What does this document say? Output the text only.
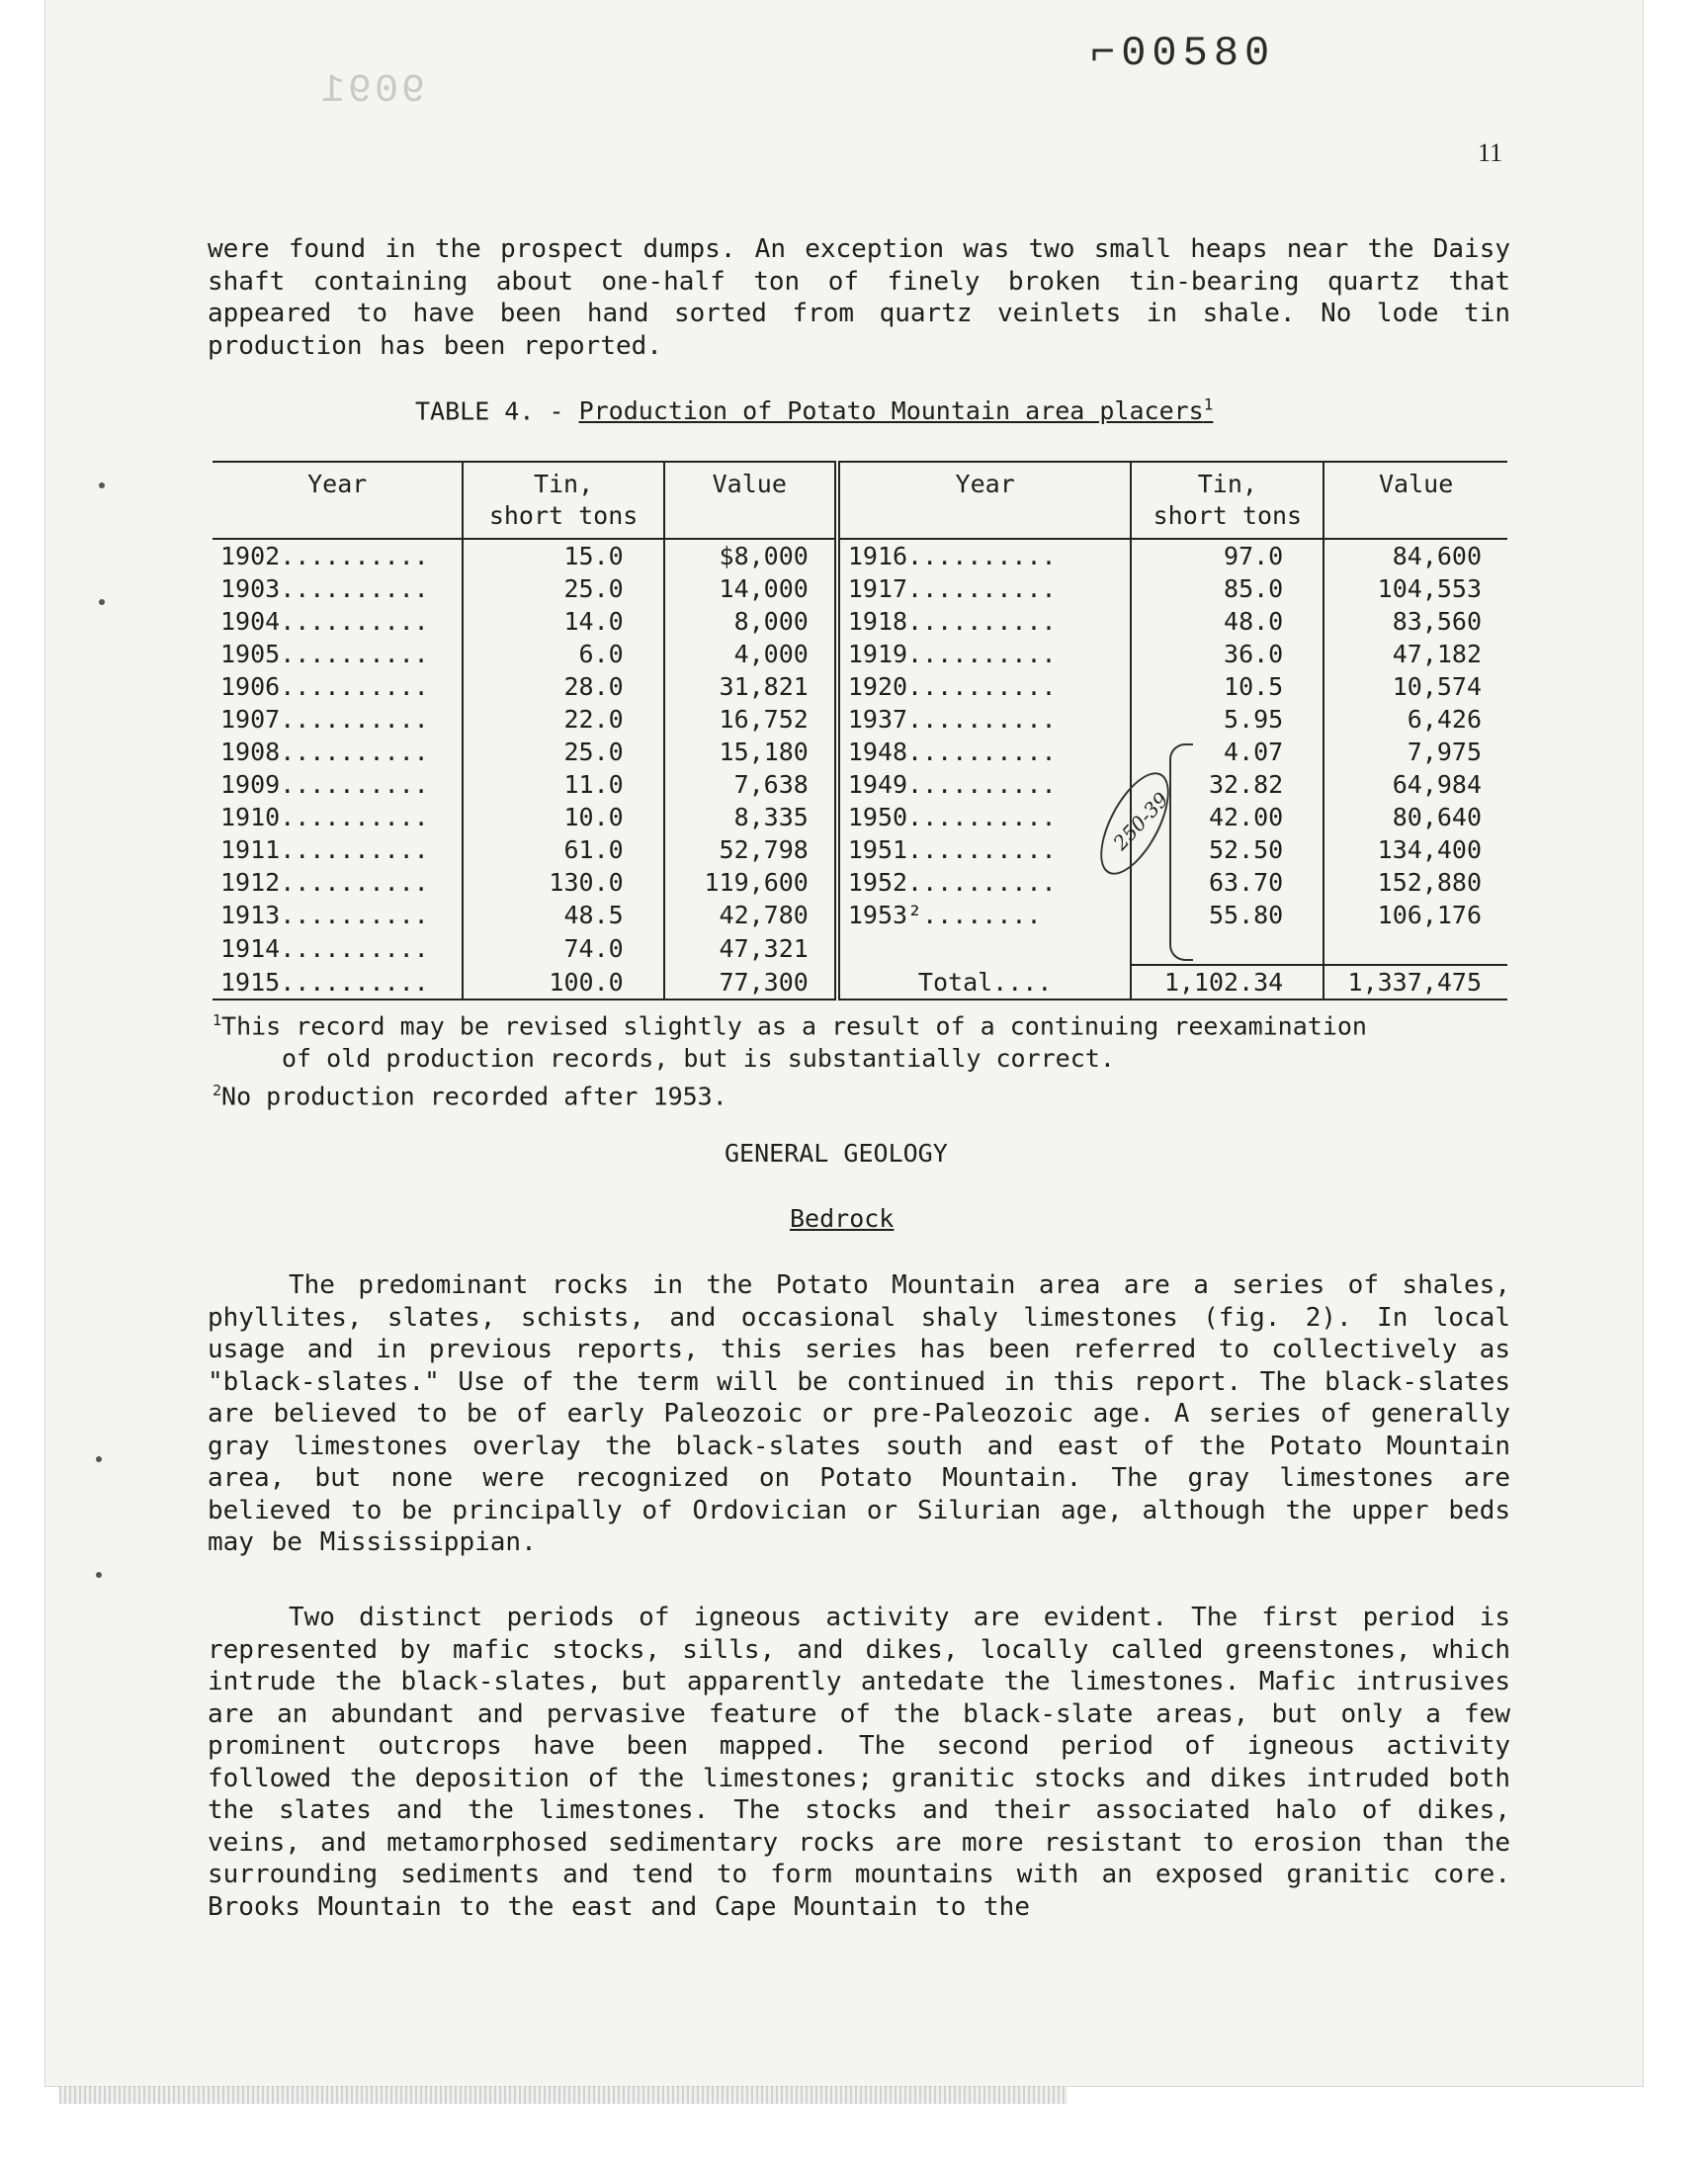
⌐00580
9091
11

were found in the prospect dumps. An exception was two small heaps near the Daisy shaft containing about one-half ton of finely broken tin-bearing quartz that appeared to have been hand sorted from quartz veinlets in shale. No lode tin production has been reported.

TABLE 4. - Production of Potato Mountain area placers$^1$
Year	Tin,
short tons	Value	Year	Tin,
short tons	Value
1902..........	15.0	$8,000	1916..........	97.0	84,600
1903..........	25.0	14,000	1917..........	85.0	104,553
1904..........	14.0	8,000	1918..........	48.0	83,560
1905..........	6.0	4,000	1919..........	36.0	47,182
1906..........	28.0	31,821	1920..........	10.5	10,574
1907..........	22.0	16,752	1937..........	5.95	6,426
1908..........	25.0	15,180	1948..........	4.07	7,975
1909..........	11.0	7,638	1949..........	32.82	64,984
1910..........	10.0	8,335	1950..........	42.00	80,640
1911..........	61.0	52,798	1951..........	52.50	134,400
1912..........	130.0	119,600	1952..........	63.70	152,880
1913..........	48.5	42,780	1953²........	55.80	106,176
1914..........	74.0	47,321			
1915..........	100.0	77,300	Total....	1,102.34	1,337,475
250-39

$^1$This record may be revised slightly as a result of a continuing reexamination

of old production records, but is substantially correct.

$^2$No production recorded after 1953.

GENERAL GEOLOGY
Bedrock

The predominant rocks in the Potato Mountain area are a series of shales, phyllites, slates, schists, and occasional shaly limestones (fig. 2). In local usage and in previous reports, this series has been referred to collectively as "black-slates." Use of the term will be continued in this report. The black-slates are believed to be of early Paleozoic or pre-Paleozoic age. A series of generally gray limestones overlay the black-slates south and east of the Potato Mountain area, but none were recognized on Potato Mountain. The gray limestones are believed to be principally of Ordovician or Silurian age, although the upper beds may be Mississippian.

Two distinct periods of igneous activity are evident. The first period is represented by mafic stocks, sills, and dikes, locally called greenstones, which intrude the black-slates, but apparently antedate the limestones. Mafic intrusives are an abundant and pervasive feature of the black-slate areas, but only a few prominent outcrops have been mapped. The second period of igneous activity followed the deposition of the limestones; granitic stocks and dikes intruded both the slates and the limestones. The stocks and their associated halo of dikes, veins, and metamorphosed sedimentary rocks are more resistant to erosion than the surrounding sediments and tend to form mountains with an exposed granitic core. Brooks Mountain to the east and Cape Mountain to the
